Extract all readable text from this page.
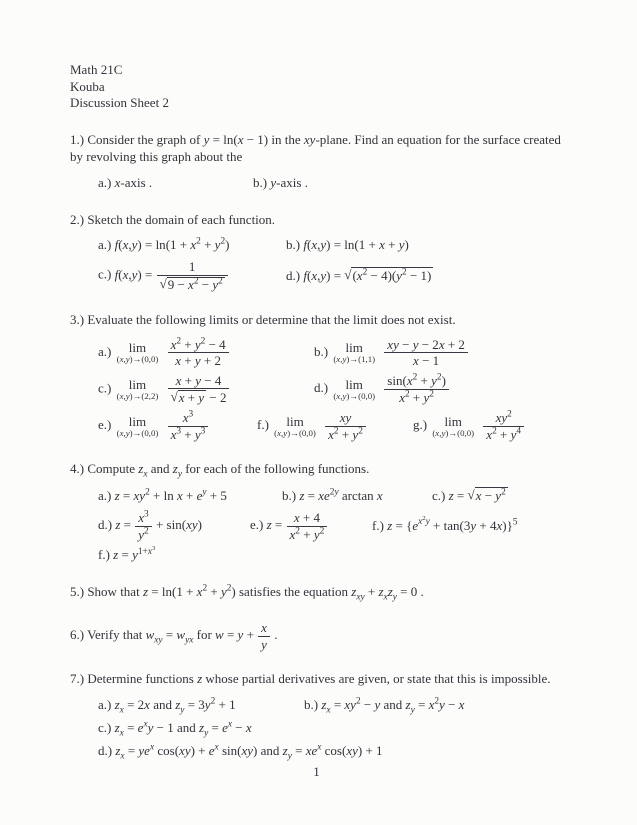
Math 21C
Kouba
Discussion Sheet 2
1.) Consider the graph of y = ln(x − 1) in the xy-plane. Find an equation for the surface created by revolving this graph about the
a.) x-axis .	b.) y-axis .
2.) Sketch the domain of each function.
a.) $f(x,y) = \ln(1 + x^2 + y^2)$	b.) f(x,y) = ln(1 + x + y)
c.) $f(x,y) = \frac{1}{√9 - x^2 - y^2}$	d.) $f(x,y) = √(x^2 - 4)(y^2 - 1)$
3.) Evaluate the following limits or determine that the limit does not exist.
a.) lim
(x,y)→(0,0)
$\frac{x^2 + y^2 - 4}{x + y + 2}$	b.) lim
(x,y)→(1,1)
$\frac{xy - y - 2x + 2}{x - 1}$
c.) lim
(x,y)→(2,2)
$\frac{x + y - 4}{√x + y - 2}$	d.) lim
(x,y)→(0,0)
$\frac{\sin(x^2 + y^2)}{x^2 + y^2}$
e.) lim
(x,y)→(0,0)
$\frac{x^3}{x^3 + y^3}$	f.) lim
(x,y)→(0,0)
$\frac{xy}{x^2 + y^2}$	g.) lim
(x,y)→(0,0)
$\frac{xy^2}{x^2 + y^4}$
4.) Compute $z_x$ and $z_y$ for each of the following functions.
a.) $z = xy^2 + \ln x + e^y + 5$	b.) $z = xe^{2y}$ arctan x	c.) $z = √x - y^2$
d.) $z = \frac{x^3}{y^2} + \sin(xy)$	e.) $z = \frac{x + 4}{x^2 + y^2}$	f.) $z = \{e^{x^2y} + \tan(3y + 4x)\}^5$
f.) $z = y^{1+x^3}$
5.) Show that $z = \ln(1 + x^2 + y^2)$ satisfies the equation $z_{xy} + z_xz_y = 0$ .
6.) Verify that $w_{xy} = w_{yx}$ for $w = y + \frac{x}{y}$ .
7.) Determine functions z whose partial derivatives are given, or state that this is impossible.
a.) $z_x = 2x$ and $z_y = 3y^2 + 1$	b.) $z_x = xy^2 - y$ and $z_y = x^2y - x$
c.) $z_x = e^xy - 1$ and $z_y = e^x - x$
d.) $z_x = ye^x$ $\cos(xy) + e^x$ sin(xy) and $z_y = xe^x$ cos(xy) + 1
1
